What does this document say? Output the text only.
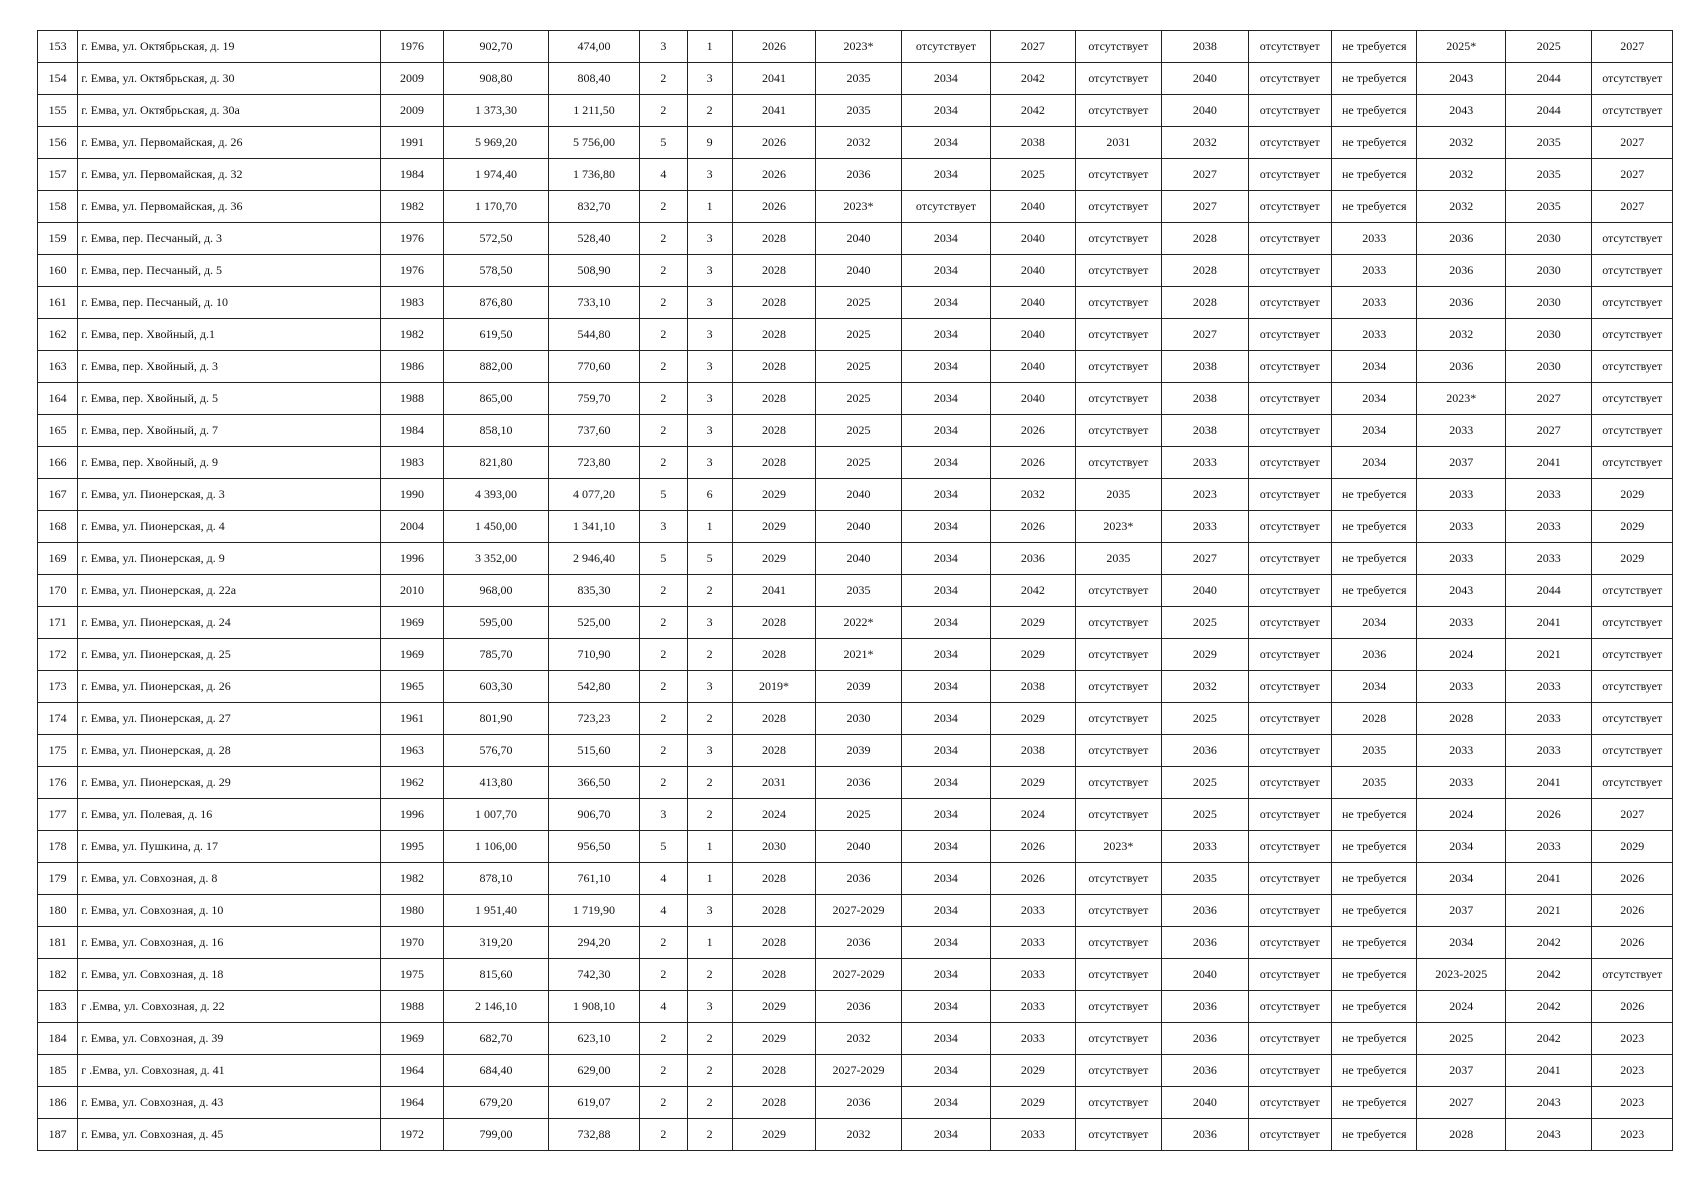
153	г. Емва, ул. Октябрьская, д. 19	1976	902,70	474,00	3	1	2026	2023*	отсутствует	2027	отсутствует	2038	отсутствует	не требуется	2025*	2025	2027
154	г. Емва, ул. Октябрьская, д. 30	2009	908,80	808,40	2	3	2041	2035	2034	2042	отсутствует	2040	отсутствует	не требуется	2043	2044	отсутствует
155	г. Емва, ул. Октябрьская, д. 30а	2009	1 373,30	1 211,50	2	2	2041	2035	2034	2042	отсутствует	2040	отсутствует	не требуется	2043	2044	отсутствует
156	г. Емва, ул. Первомайская, д. 26	1991	5 969,20	5 756,00	5	9	2026	2032	2034	2038	2031	2032	отсутствует	не требуется	2032	2035	2027
157	г. Емва, ул. Первомайская, д. 32	1984	1 974,40	1 736,80	4	3	2026	2036	2034	2025	отсутствует	2027	отсутствует	не требуется	2032	2035	2027
158	г. Емва, ул. Первомайская, д. 36	1982	1 170,70	832,70	2	1	2026	2023*	отсутствует	2040	отсутствует	2027	отсутствует	не требуется	2032	2035	2027
159	г. Емва, пер. Песчаный, д. 3	1976	572,50	528,40	2	3	2028	2040	2034	2040	отсутствует	2028	отсутствует	2033	2036	2030	отсутствует
160	г. Емва, пер. Песчаный, д. 5	1976	578,50	508,90	2	3	2028	2040	2034	2040	отсутствует	2028	отсутствует	2033	2036	2030	отсутствует
161	г. Емва, пер. Песчаный, д. 10	1983	876,80	733,10	2	3	2028	2025	2034	2040	отсутствует	2028	отсутствует	2033	2036	2030	отсутствует
162	г. Емва, пер. Хвойный, д.1	1982	619,50	544,80	2	3	2028	2025	2034	2040	отсутствует	2027	отсутствует	2033	2032	2030	отсутствует
163	г. Емва, пер. Хвойный, д. 3	1986	882,00	770,60	2	3	2028	2025	2034	2040	отсутствует	2038	отсутствует	2034	2036	2030	отсутствует
164	г. Емва, пер. Хвойный, д. 5	1988	865,00	759,70	2	3	2028	2025	2034	2040	отсутствует	2038	отсутствует	2034	2023*	2027	отсутствует
165	г. Емва, пер. Хвойный, д. 7	1984	858,10	737,60	2	3	2028	2025	2034	2026	отсутствует	2038	отсутствует	2034	2033	2027	отсутствует
166	г. Емва, пер. Хвойный, д. 9	1983	821,80	723,80	2	3	2028	2025	2034	2026	отсутствует	2033	отсутствует	2034	2037	2041	отсутствует
167	г. Емва, ул. Пионерская, д. 3	1990	4 393,00	4 077,20	5	6	2029	2040	2034	2032	2035	2023	отсутствует	не требуется	2033	2033	2029
168	г. Емва, ул. Пионерская, д. 4	2004	1 450,00	1 341,10	3	1	2029	2040	2034	2026	2023*	2033	отсутствует	не требуется	2033	2033	2029
169	г. Емва, ул. Пионерская, д. 9	1996	3 352,00	2 946,40	5	5	2029	2040	2034	2036	2035	2027	отсутствует	не требуется	2033	2033	2029
170	г. Емва, ул. Пионерская, д. 22а	2010	968,00	835,30	2	2	2041	2035	2034	2042	отсутствует	2040	отсутствует	не требуется	2043	2044	отсутствует
171	г. Емва, ул. Пионерская, д. 24	1969	595,00	525,00	2	3	2028	2022*	2034	2029	отсутствует	2025	отсутствует	2034	2033	2041	отсутствует
172	г. Емва, ул. Пионерская, д. 25	1969	785,70	710,90	2	2	2028	2021*	2034	2029	отсутствует	2029	отсутствует	2036	2024	2021	отсутствует
173	г. Емва, ул. Пионерская, д. 26	1965	603,30	542,80	2	3	2019*	2039	2034	2038	отсутствует	2032	отсутствует	2034	2033	2033	отсутствует
174	г. Емва, ул. Пионерская, д. 27	1961	801,90	723,23	2	2	2028	2030	2034	2029	отсутствует	2025	отсутствует	2028	2028	2033	отсутствует
175	г. Емва, ул. Пионерская, д. 28	1963	576,70	515,60	2	3	2028	2039	2034	2038	отсутствует	2036	отсутствует	2035	2033	2033	отсутствует
176	г. Емва, ул. Пионерская, д. 29	1962	413,80	366,50	2	2	2031	2036	2034	2029	отсутствует	2025	отсутствует	2035	2033	2041	отсутствует
177	г. Емва, ул. Полевая, д. 16	1996	1 007,70	906,70	3	2	2024	2025	2034	2024	отсутствует	2025	отсутствует	не требуется	2024	2026	2027
178	г. Емва, ул. Пушкина, д. 17	1995	1 106,00	956,50	5	1	2030	2040	2034	2026	2023*	2033	отсутствует	не требуется	2034	2033	2029
179	г. Емва, ул. Совхозная, д. 8	1982	878,10	761,10	4	1	2028	2036	2034	2026	отсутствует	2035	отсутствует	не требуется	2034	2041	2026
180	г. Емва, ул. Совхозная, д. 10	1980	1 951,40	1 719,90	4	3	2028	2027-2029	2034	2033	отсутствует	2036	отсутствует	не требуется	2037	2021	2026
181	г. Емва, ул. Совхозная, д. 16	1970	319,20	294,20	2	1	2028	2036	2034	2033	отсутствует	2036	отсутствует	не требуется	2034	2042	2026
182	г. Емва, ул. Совхозная, д. 18	1975	815,60	742,30	2	2	2028	2027-2029	2034	2033	отсутствует	2040	отсутствует	не требуется	2023-2025	2042	отсутствует
183	г .Емва, ул. Совхозная, д. 22	1988	2 146,10	1 908,10	4	3	2029	2036	2034	2033	отсутствует	2036	отсутствует	не требуется	2024	2042	2026
184	г. Емва, ул. Совхозная, д. 39	1969	682,70	623,10	2	2	2029	2032	2034	2033	отсутствует	2036	отсутствует	не требуется	2025	2042	2023
185	г .Емва, ул. Совхозная, д. 41	1964	684,40	629,00	2	2	2028	2027-2029	2034	2029	отсутствует	2036	отсутствует	не требуется	2037	2041	2023
186	г. Емва, ул. Совхозная, д. 43	1964	679,20	619,07	2	2	2028	2036	2034	2029	отсутствует	2040	отсутствует	не требуется	2027	2043	2023
187	г. Емва, ул. Совхозная, д. 45	1972	799,00	732,88	2	2	2029	2032	2034	2033	отсутствует	2036	отсутствует	не требуется	2028	2043	2023
